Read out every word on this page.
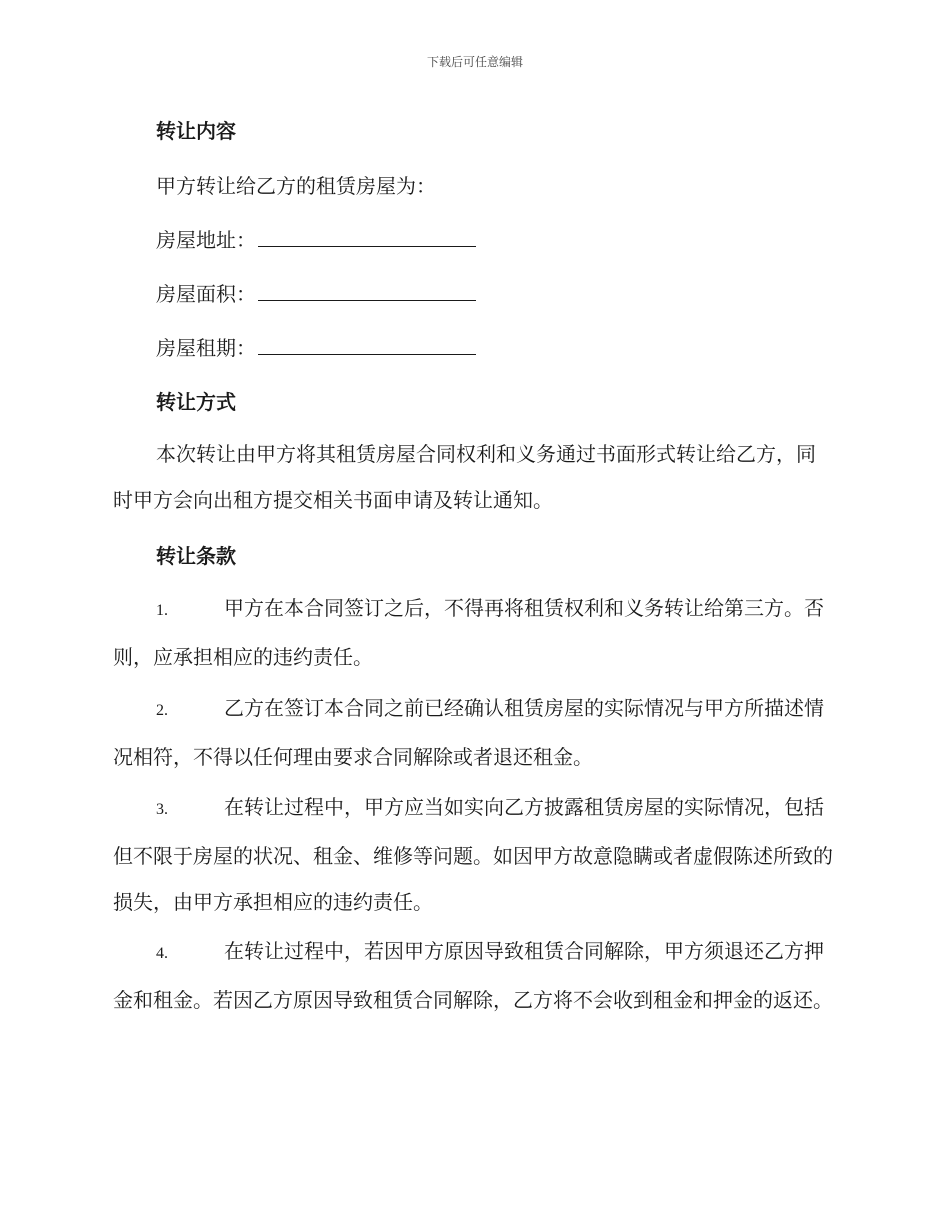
下载后可任意编辑
转让内容
甲方转让给乙方的租赁房屋为：
房屋地址：
房屋面积：
房屋租期：
转让方式
本次转让由甲方将其租赁房屋合同权利和义务通过书面形式转让给乙方，同时甲方会向出租方提交相关书面申请及转让通知。
转让条款
1.	甲方在本合同签订之后，不得再将租赁权利和义务转让给第三方。否则，应承担相应的违约责任。
2.	乙方在签订本合同之前已经确认租赁房屋的实际情况与甲方所描述情况相符，不得以任何理由要求合同解除或者退还租金。
3.	在转让过程中，甲方应当如实向乙方披露租赁房屋的实际情况，包括但不限于房屋的状况、租金、维修等问题。如因甲方故意隐瞒或者虚假陈述所致的损失，由甲方承担相应的违约责任。
4.	在转让过程中，若因甲方原因导致租赁合同解除，甲方须退还乙方押金和租金。若因乙方原因导致租赁合同解除，乙方将不会收到租金和押金的返还。
